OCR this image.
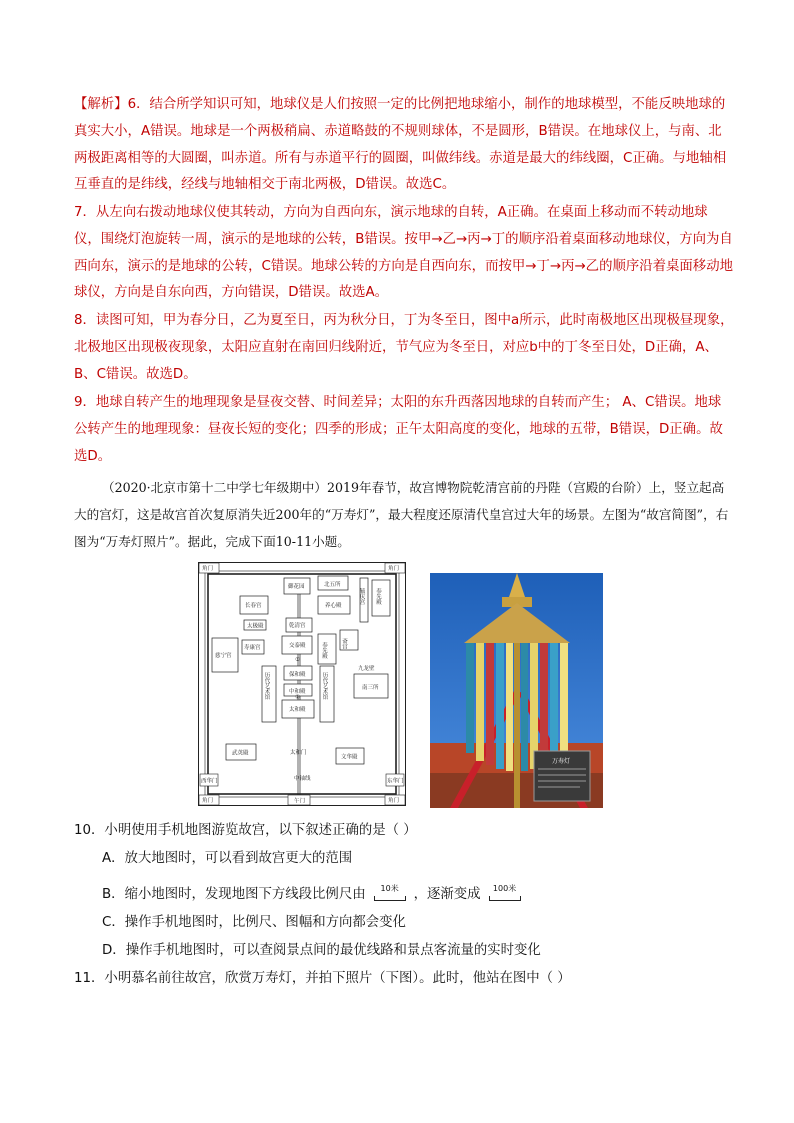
【解析】6．结合所学知识可知，地球仪是人们按照一定的比例把地球缩小，制作的地球模型，不能反映地球的真实大小，A错误。地球是一个两极稍扁、赤道略鼓的不规则球体，不是圆形，B错误。在地球仪上，与南、北两极距离相等的大圆圈，叫赤道。所有与赤道平行的圆圈，叫做纬线。赤道是最大的纬线圈，C正确。与地轴相互垂直的是纬线，经线与地轴相交于南北两极，D错误。故选C。
7．从左向右拨动地球仪使其转动，方向为自西向东，演示地球的自转，A正确。在桌面上移动而不转动地球仪，围绕灯泡旋转一周，演示的是地球的公转，B错误。按甲→乙→丙→丁的顺序沿着桌面移动地球仪，方向为自西向东，演示的是地球的公转，C错误。地球公转的方向是自西向东，而按甲→丁→丙→乙的顺序沿着桌面移动地球仪，方向是自东向西，方向错误，D错误。故选A。
8．读图可知，甲为春分日，乙为夏至日，丙为秋分日，丁为冬至日，图中a所示，此时南极地区出现极昼现象，北极地区出现极夜现象，太阳应直射在南回归线附近，节气应为冬至日，对应b中的丁冬至日处，D正确，A、B、C错误。故选D。
9．地球自转产生的地理现象是昼夜交替、时间差异；太阳的东升西落因地球的自转而产生； A、C错误。地球公转产生的地理现象：昼夜长短的变化；四季的形成；正午太阳高度的变化，地球的五带，B错误，D正确。故选D。
（2020·北京市第十二中学七年级期中）2019年春节，故宫博物院乾清宫前的丹陛（宫殿的台阶）上，竖立起高大的宫灯，这是故宫首次复原消失近200年的“万寿灯”，最大程度还原清代皇宫过大年的场景。左图为“故宫简图”，右图为“万寿灯照片”。据此，完成下面10-11小题。
角门	角门
角门	角门
御花园	北五所
毓庆宫 奉先殿
长春宫	养心殿
太极殿	乾清宫
斋宫
慈宁宫
寿康宫	交泰殿	奉先殿
①
保和殿
中和殿
太和殿
历代艺术馆	历代艺术馆
九龙壁
南三所
②
武英殿
文华殿
太和门
中轴线
西华门	东华门
午门
万寿灯
10．小明使用手机地图游览故宫，以下叙述正确的是（ ）
A．放大地图时，可以看到故宫更大的范围
B．缩小地图时，发现地图下方线段比例尺由	10米	，逐渐变成	100米
C．操作手机地图时，比例尺、图幅和方向都会变化
D．操作手机地图时，可以查阅景点间的最优线路和景点客流量的实时变化
11．小明慕名前往故宫，欣赏万寿灯，并拍下照片（下图）。此时，他站在图中（ ）
